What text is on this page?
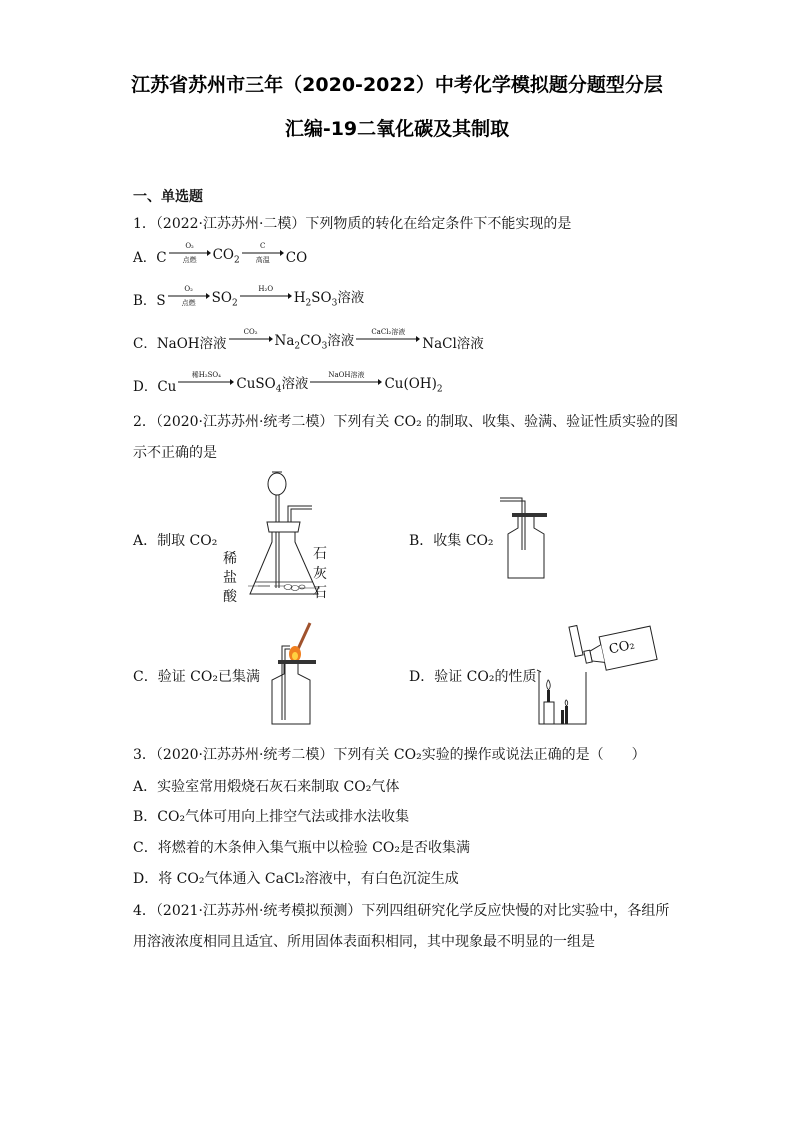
江苏省苏州市三年（2020-2022）中考化学模拟题分题型分层
汇编-19二氧化碳及其制取
一、单选题
1．（2022·江苏苏州·二模）下列物质的转化在给定条件下不能实现的是
A． C
O₂
点燃 $CO_2$
C
高温 CO
B． S
O₂
点燃 $SO_2$
H₂O
$H_2SO_3$溶液
C． NaOH溶液
CO₂
$Na_2CO_3$溶液
CaCl₂溶液
NaCl溶液
D． Cu
稀H₂SO₄
CuSO$_4$溶液
NaOH溶液
$Cu(OH)_2$
2．（2020·江苏苏州·统考二模）下列有关 CO₂ 的制取、收集、验满、验证性质实验的图
示不正确的是
A．制取 CO₂
稀
盐
酸
石
灰
石
B．收集 CO₂
C．验证 CO₂已集满	D．验证 CO₂的性质
CO₂
3．（2020·江苏苏州·统考二模）下列有关 CO₂实验的操作或说法正确的是（　　）
A．实验室常用煅烧石灰石来制取 CO₂气体
B．CO₂气体可用向上排空气法或排水法收集
C．将燃着的木条伸入集气瓶中以检验 CO₂是否收集满
D．将 CO₂气体通入 CaCl₂溶液中，有白色沉淀生成
4．（2021·江苏苏州·统考模拟预测）下列四组研究化学反应快慢的对比实验中，各组所
用溶液浓度相同且适宜、所用固体表面积相同，其中现象最不明显的一组是
